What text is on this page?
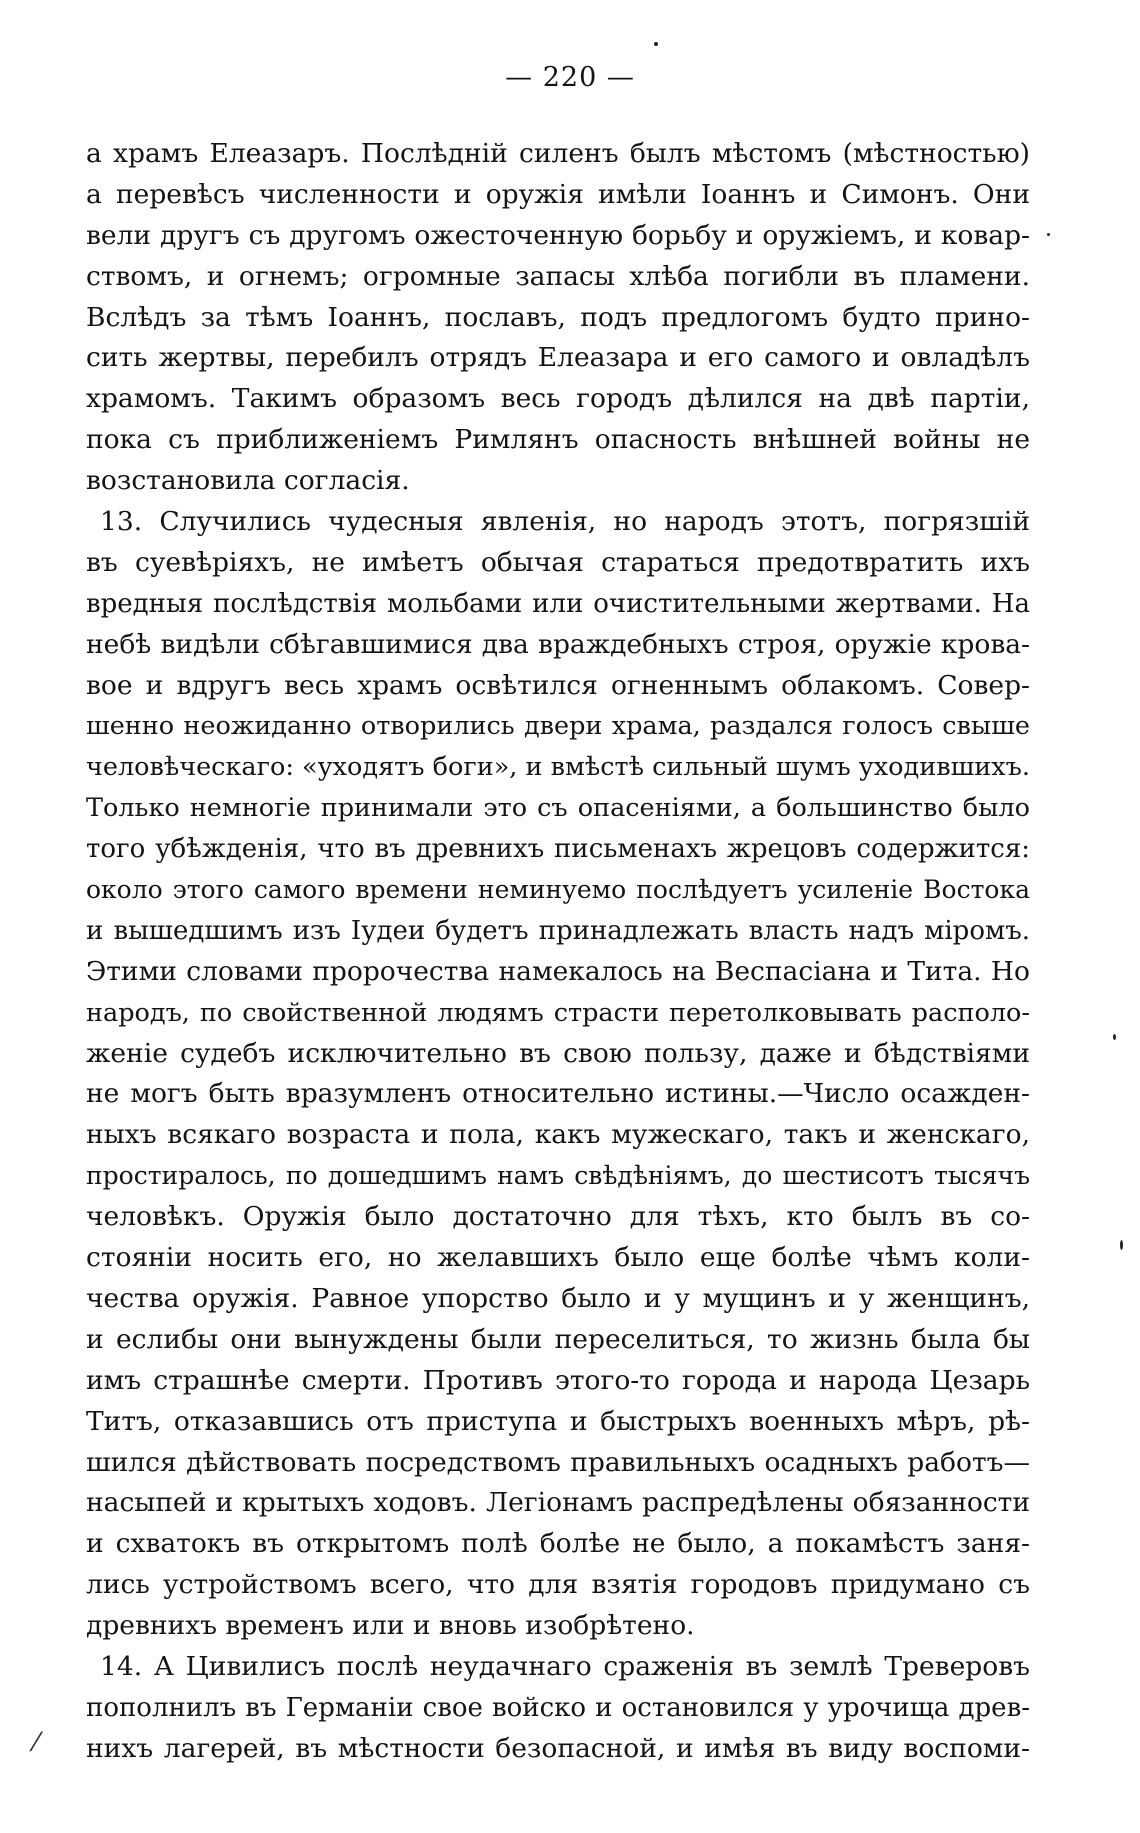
— 220 —
а храмъ Елеазаръ. Послѣдній силенъ былъ мѣстомъ (мѣстностью)
а перевѣсъ численности и оружія имѣли Іоаннъ и Симонъ. Они
вели другъ съ другомъ ожесточенную борьбу и оружіемъ, и ковар-
ствомъ, и огнемъ; огромные запасы хлѣба погибли въ пламени.
Вслѣдъ за тѣмъ Іоаннъ, пославъ, подъ предлогомъ будто прино-
сить жертвы, перебилъ отрядъ Елеазара и его самого и овладѣлъ
храмомъ. Такимъ образомъ весь городъ дѣлился на двѣ партіи,
пока съ приближеніемъ Римлянъ опасность внѣшней войны не
возстановила согласія.
13. Случились чудесныя явленія, но народъ этотъ, погрязшій
въ суевѣріяхъ, не имѣетъ обычая стараться предотвратить ихъ
вредныя послѣдствія мольбами или очистительными жертвами. На
небѣ видѣли сбѣгавшимися два враждебныхъ строя, оружіе крова-
вое и вдругъ весь храмъ освѣтился огненнымъ облакомъ. Совер-
шенно неожиданно отворились двери храма, раздался голосъ свыше
человѣческаго: «уходятъ боги», и вмѣстѣ сильный шумъ уходившихъ.
Только немногіе принимали это съ опасеніями, а большинство было
того убѣжденія, что въ древнихъ письменахъ жрецовъ содержится:
около этого самого времени неминуемо послѣдуетъ усиленіе Востока
и вышедшимъ изъ Іудеи будетъ принадлежать власть надъ міромъ.
Этими словами пророчества намекалось на Веспасіана и Тита. Но
народъ, по свойственной людямъ страсти перетолковывать располо-
женіе судебъ исключительно въ свою пользу, даже и бѣдствіями
не могъ быть вразумленъ относительно истины.—Число осажден-
ныхъ всякаго возраста и пола, какъ мужескаго, такъ и женскаго,
простиралось, по дошедшимъ намъ свѣдѣніямъ, до шестисотъ тысячъ
человѣкъ. Оружія было достаточно для тѣхъ, кто былъ въ со-
стояніи носить его, но желавшихъ было еще болѣе чѣмъ коли-
чества оружія. Равное упорство было и у мущинъ и у женщинъ,
и еслибы они вынуждены были переселиться, то жизнь была бы
имъ страшнѣе смерти. Противъ этого-то города и народа Цезарь
Титъ, отказавшись отъ приступа и быстрыхъ военныхъ мѣръ, рѣ-
шился дѣйствовать посредствомъ правильныхъ осадныхъ работъ—
насыпей и крытыхъ ходовъ. Легіонамъ распредѣлены обязанности
и схватокъ въ открытомъ полѣ болѣе не было, а покамѣстъ заня-
лись устройствомъ всего, что для взятія городовъ придумано съ
древнихъ временъ или и вновь изобрѣтено.
14. А Цивилисъ послѣ неудачнаго сраженія въ землѣ Треверовъ
пополнилъ въ Германіи свое войско и остановился у урочища древ-
нихъ лагерей, въ мѣстности безопасной, и имѣя въ виду воспоми-
⁄
